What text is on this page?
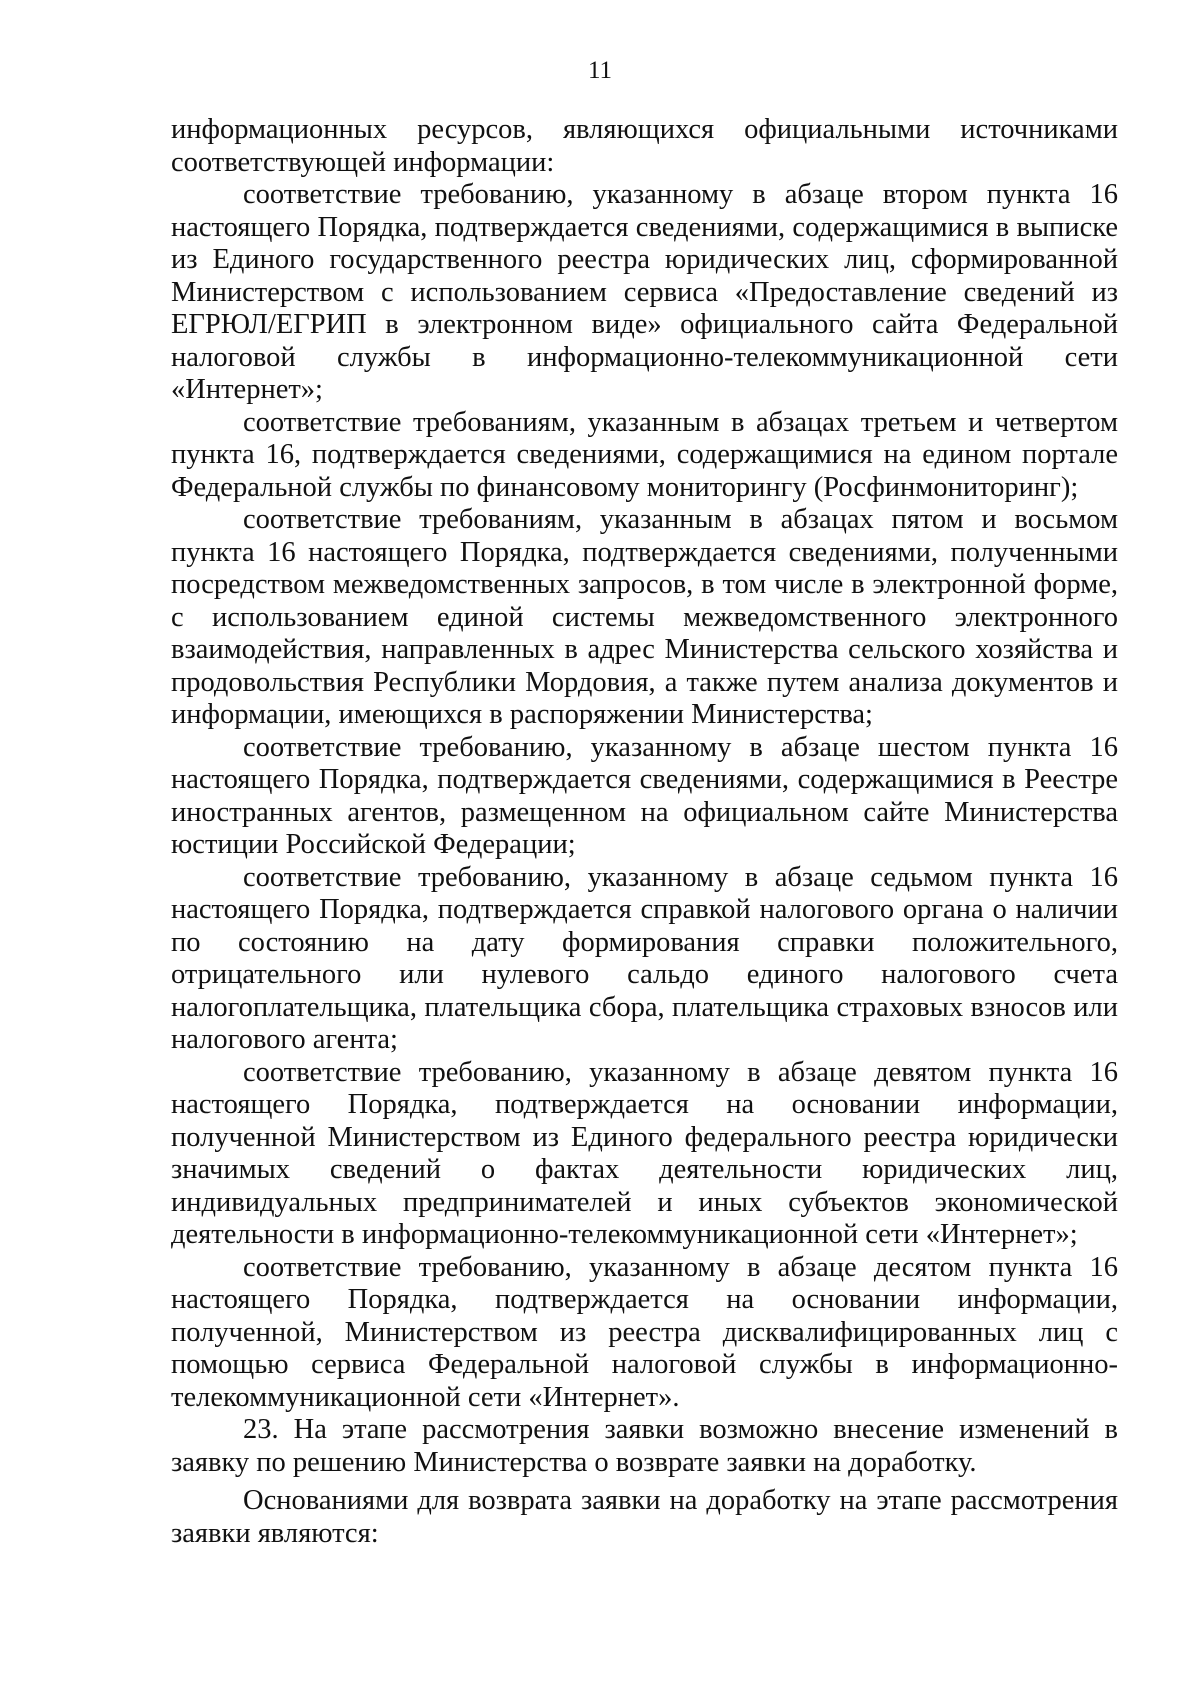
11

информационных ресурсов, являющихся официальными источниками соответствующей информации:

соответствие требованию, указанному в абзаце втором пункта 16 настоящего Порядка, подтверждается сведениями, содержащимися в выписке из Единого государственного реестра юридических лиц, сформированной Министерством с использованием сервиса «Предоставление сведений из ЕГРЮЛ/ЕГРИП в электронном виде» официального сайта Федеральной налоговой службы в информационно-телекоммуникационной сети «Интернет»;

соответствие требованиям, указанным в абзацах третьем и четвертом пункта 16, подтверждается сведениями, содержащимися на едином портале Федеральной службы по финансовому мониторингу (Росфинмониторинг);

соответствие требованиям, указанным в абзацах пятом и восьмом пункта 16 настоящего Порядка, подтверждается сведениями, полученными посредством межведомственных запросов, в том числе в электронной форме, с использованием единой системы межведомственного электронного взаимодействия, направленных в адрес Министерства сельского хозяйства и продовольствия Республики Мордовия, а также путем анализа документов и информации, имеющихся в распоряжении Министерства;

соответствие требованию, указанному в абзаце шестом пункта 16 настоящего Порядка, подтверждается сведениями, содержащимися в Реестре иностранных агентов, размещенном на официальном сайте Министерства юстиции Российской Федерации;

соответствие требованию, указанному в абзаце седьмом пункта 16 настоящего Порядка, подтверждается справкой налогового органа о наличии по состоянию на дату формирования справки положительного, отрицательного или нулевого сальдо единого налогового счета налогоплательщика, плательщика сбора, плательщика страховых взносов или налогового агента;

соответствие требованию, указанному в абзаце девятом пункта 16 настоящего Порядка, подтверждается на основании информации, полученной Министерством из Единого федерального реестра юридически значимых сведений о фактах деятельности юридических лиц, индивидуальных предпринимателей и иных субъектов экономической деятельности в информационно-телекоммуникационной сети «Интернет»;

соответствие требованию, указанному в абзаце десятом пункта 16 настоящего Порядка, подтверждается на основании информации, полученной, Министерством из реестра дисквалифицированных лиц с помощью сервиса Федеральной налоговой службы в информационно-телекоммуникационной сети «Интернет».

23. На этапе рассмотрения заявки возможно внесение изменений в заявку по решению Министерства о возврате заявки на доработку.

Основаниями для возврата заявки на доработку на этапе рассмотрения заявки являются:
